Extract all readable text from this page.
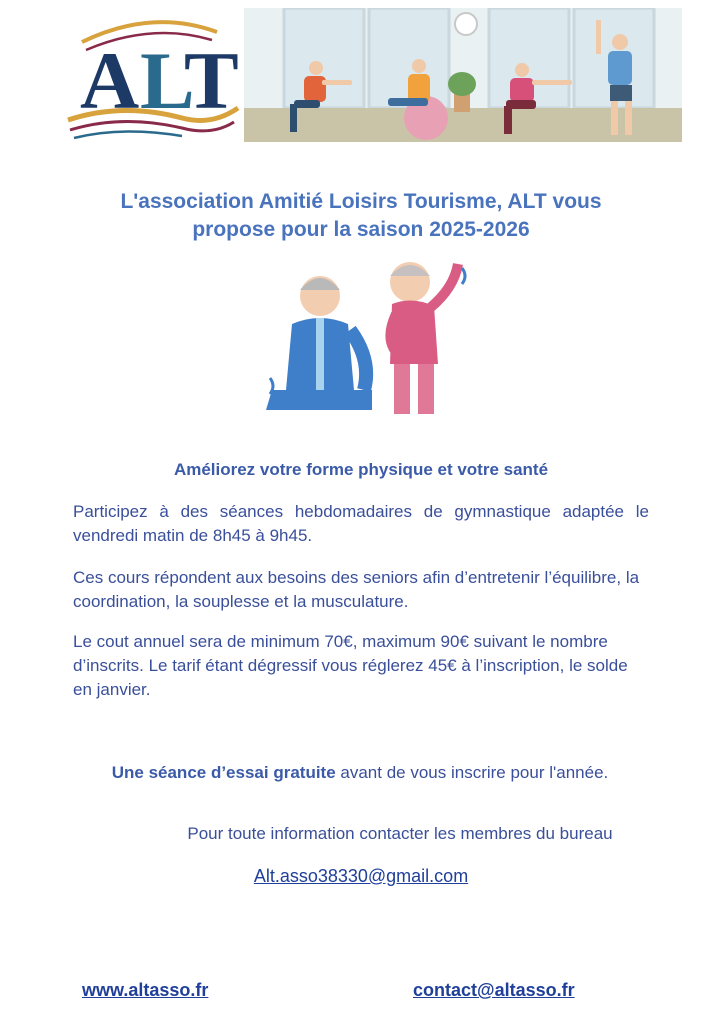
A L
T
L'association Amitié Loisirs Tourisme, ALT vous
propose pour la saison 2025-2026
Améliorez votre forme physique et votre santé

Participez à des séances hebdomadaires de gymnastique adaptée le vendredi matin de 8h45 à 9h45.

Ces cours répondent aux besoins des seniors afin d’entretenir l’équilibre, la coordination, la souplesse et la musculature.

Le cout annuel sera de minimum 70€, maximum 90€ suivant le nombre d’inscrits. Le tarif étant dégressif vous réglerez 45€ à l’inscription, le solde en janvier.

Une séance d’essai gratuite avant de vous inscrire pour l'année.
Pour toute information contacter les membres du bureau
Alt.asso38330@gmail.com
www.altasso.fr	contact@altasso.fr
